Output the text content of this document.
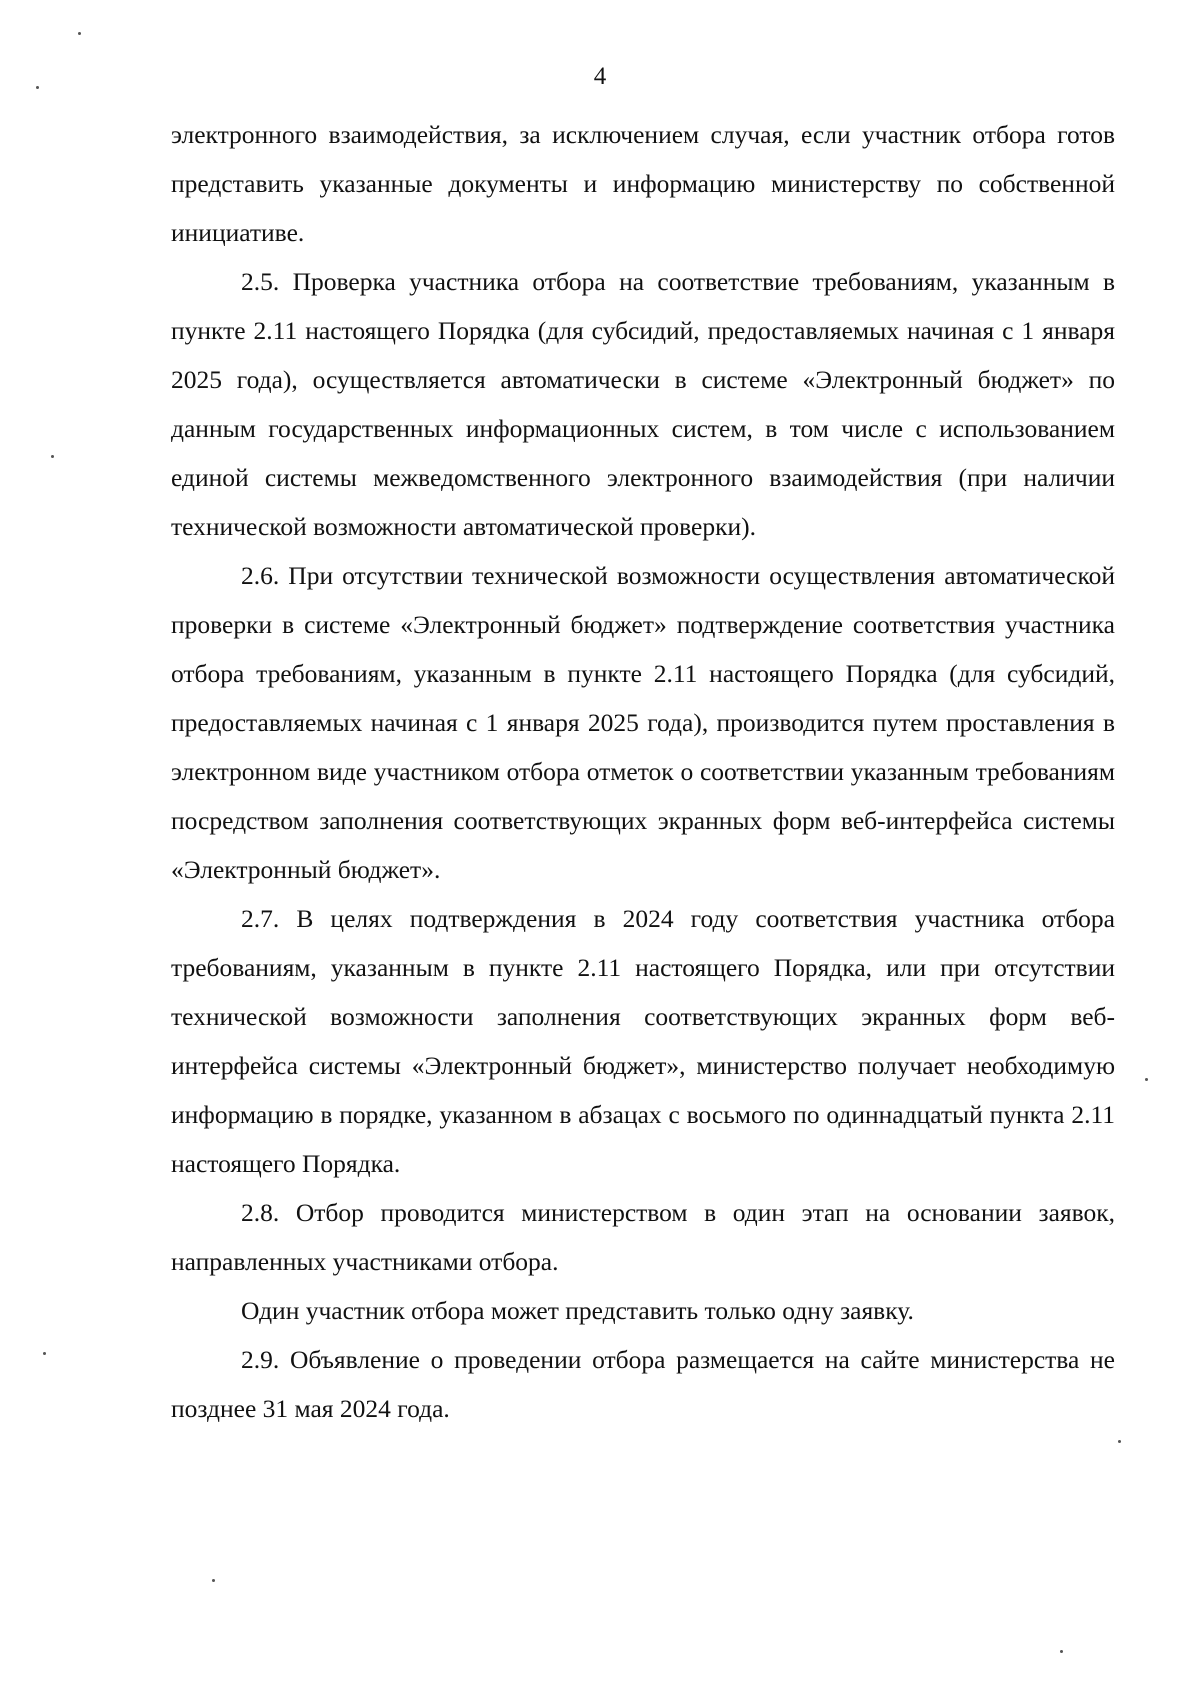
4

электронного взаимодействия, за исключением случая, если участник отбора готов представить указанные документы и информацию министерству по собственной инициативе.

2.5. Проверка участника отбора на соответствие требованиям, указанным в пункте 2.11 настоящего Порядка (для субсидий, предоставляемых начиная с 1 января 2025 года), осуществляется автоматически в системе «Электронный бюджет» по данным государственных информационных систем, в том числе с использованием единой системы межведомственного электронного взаимодействия (при наличии технической возможности автоматической проверки).

2.6. При отсутствии технической возможности осуществления автоматической проверки в системе «Электронный бюджет» подтверждение соответствия участника отбора требованиям, указанным в пункте 2.11 настоящего Порядка (для субсидий, предоставляемых начиная с 1 января 2025 года), производится путем проставления в электронном виде участником отбора отметок о соответствии указанным требованиям посредством заполнения соответствующих экранных форм веб-интерфейса системы «Электронный бюджет».

2.7. В целях подтверждения в 2024 году соответствия участника отбора требованиям, указанным в пункте 2.11 настоящего Порядка, или при отсутствии технической возможности заполнения соответствующих экранных форм веб-интерфейса системы «Электронный бюджет», министерство получает необходимую информацию в порядке, указанном в абзацах с восьмого по одиннадцатый пункта 2.11 настоящего Порядка.

2.8. Отбор проводится министерством в один этап на основании заявок, направленных участниками отбора.

Один участник отбора может представить только одну заявку.

2.9. Объявление о проведении отбора размещается на сайте министерства не позднее 31 мая 2024 года.
